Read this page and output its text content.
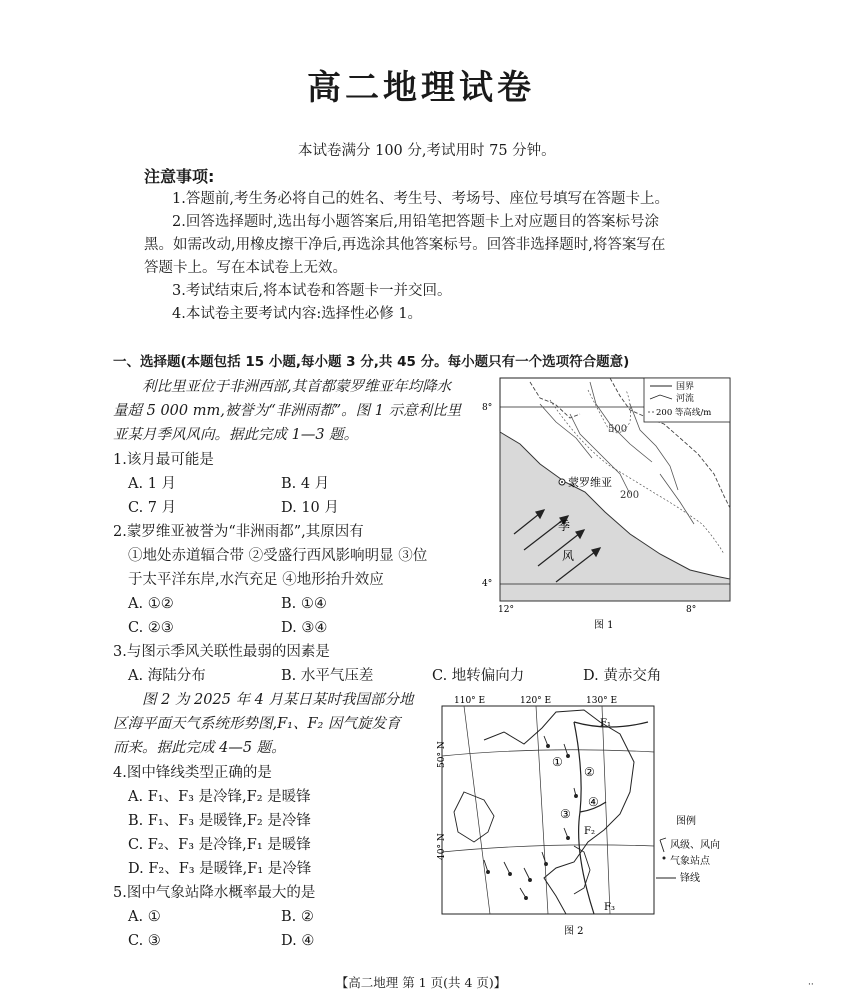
高二地理试卷
本试卷满分 100 分,考试用时 75 分钟。
注意事项:
1.答题前,考生务必将自己的姓名、考生号、考场号、座位号填写在答题卡上。
2.回答选择题时,选出每小题答案后,用铅笔把答题卡上对应题目的答案标号涂
黑。如需改动,用橡皮擦干净后,再选涂其他答案标号。回答非选择题时,将答案写在
答题卡上。写在本试卷上无效。
3.考试结束后,将本试卷和答题卡一并交回。
4.本试卷主要考试内容:选择性必修 1。
一、选择题(本题包括 15 小题,每小题 3 分,共 45 分。每小题只有一个选项符合题意)
利比里亚位于非洲西部,其首都蒙罗维亚年均降水
量超 5 000 mm,被誉为“非洲雨都”。图 1 示意利比里
亚某月季风风向。据此完成 1—3 题。
1.该月最可能是
A. 1 月	B. 4 月
C. 7 月	D. 10 月
2.蒙罗维亚被誉为“非洲雨都”,其原因有
①地处赤道辐合带 ②受盛行西风影响明显 ③位
于太平洋东岸,水汽充足 ④地形抬升效应
A. ①②	B. ①④
C. ②③	D. ③④
3.与图示季风关联性最弱的因素是
A. 海陆分布	B. 水平气压差	C. 地转偏向力	D. 黄赤交角
图 2 为 2025 年 4 月某日某时我国部分地
区海平面天气系统形势图,F₁、F₂ 因气旋发育
而来。据此完成 4—5 题。
4.图中锋线类型正确的是
A. F₁、F₃ 是冷锋,F₂ 是暖锋
B. F₁、F₃ 是暖锋,F₂ 是冷锋
C. F₂、F₃ 是冷锋,F₁ 是暖锋
D. F₂、F₃ 是暖锋,F₁ 是冷锋
5.图中气象站降水概率最大的是
A. ①	B. ②
C. ③	D. ④
蒙罗维亚
500
200
季
风
国界
河流
200 等高线/m
8°
4°
12°	8°
图 1
F₁
F₂
F₃
①
②
③
④
110° E	120° E	130° E
50° N
40° N
图例
风级、风向
气象站点
锋线
图 2
【高二地理 第 1 页(共 4 页)】	··
